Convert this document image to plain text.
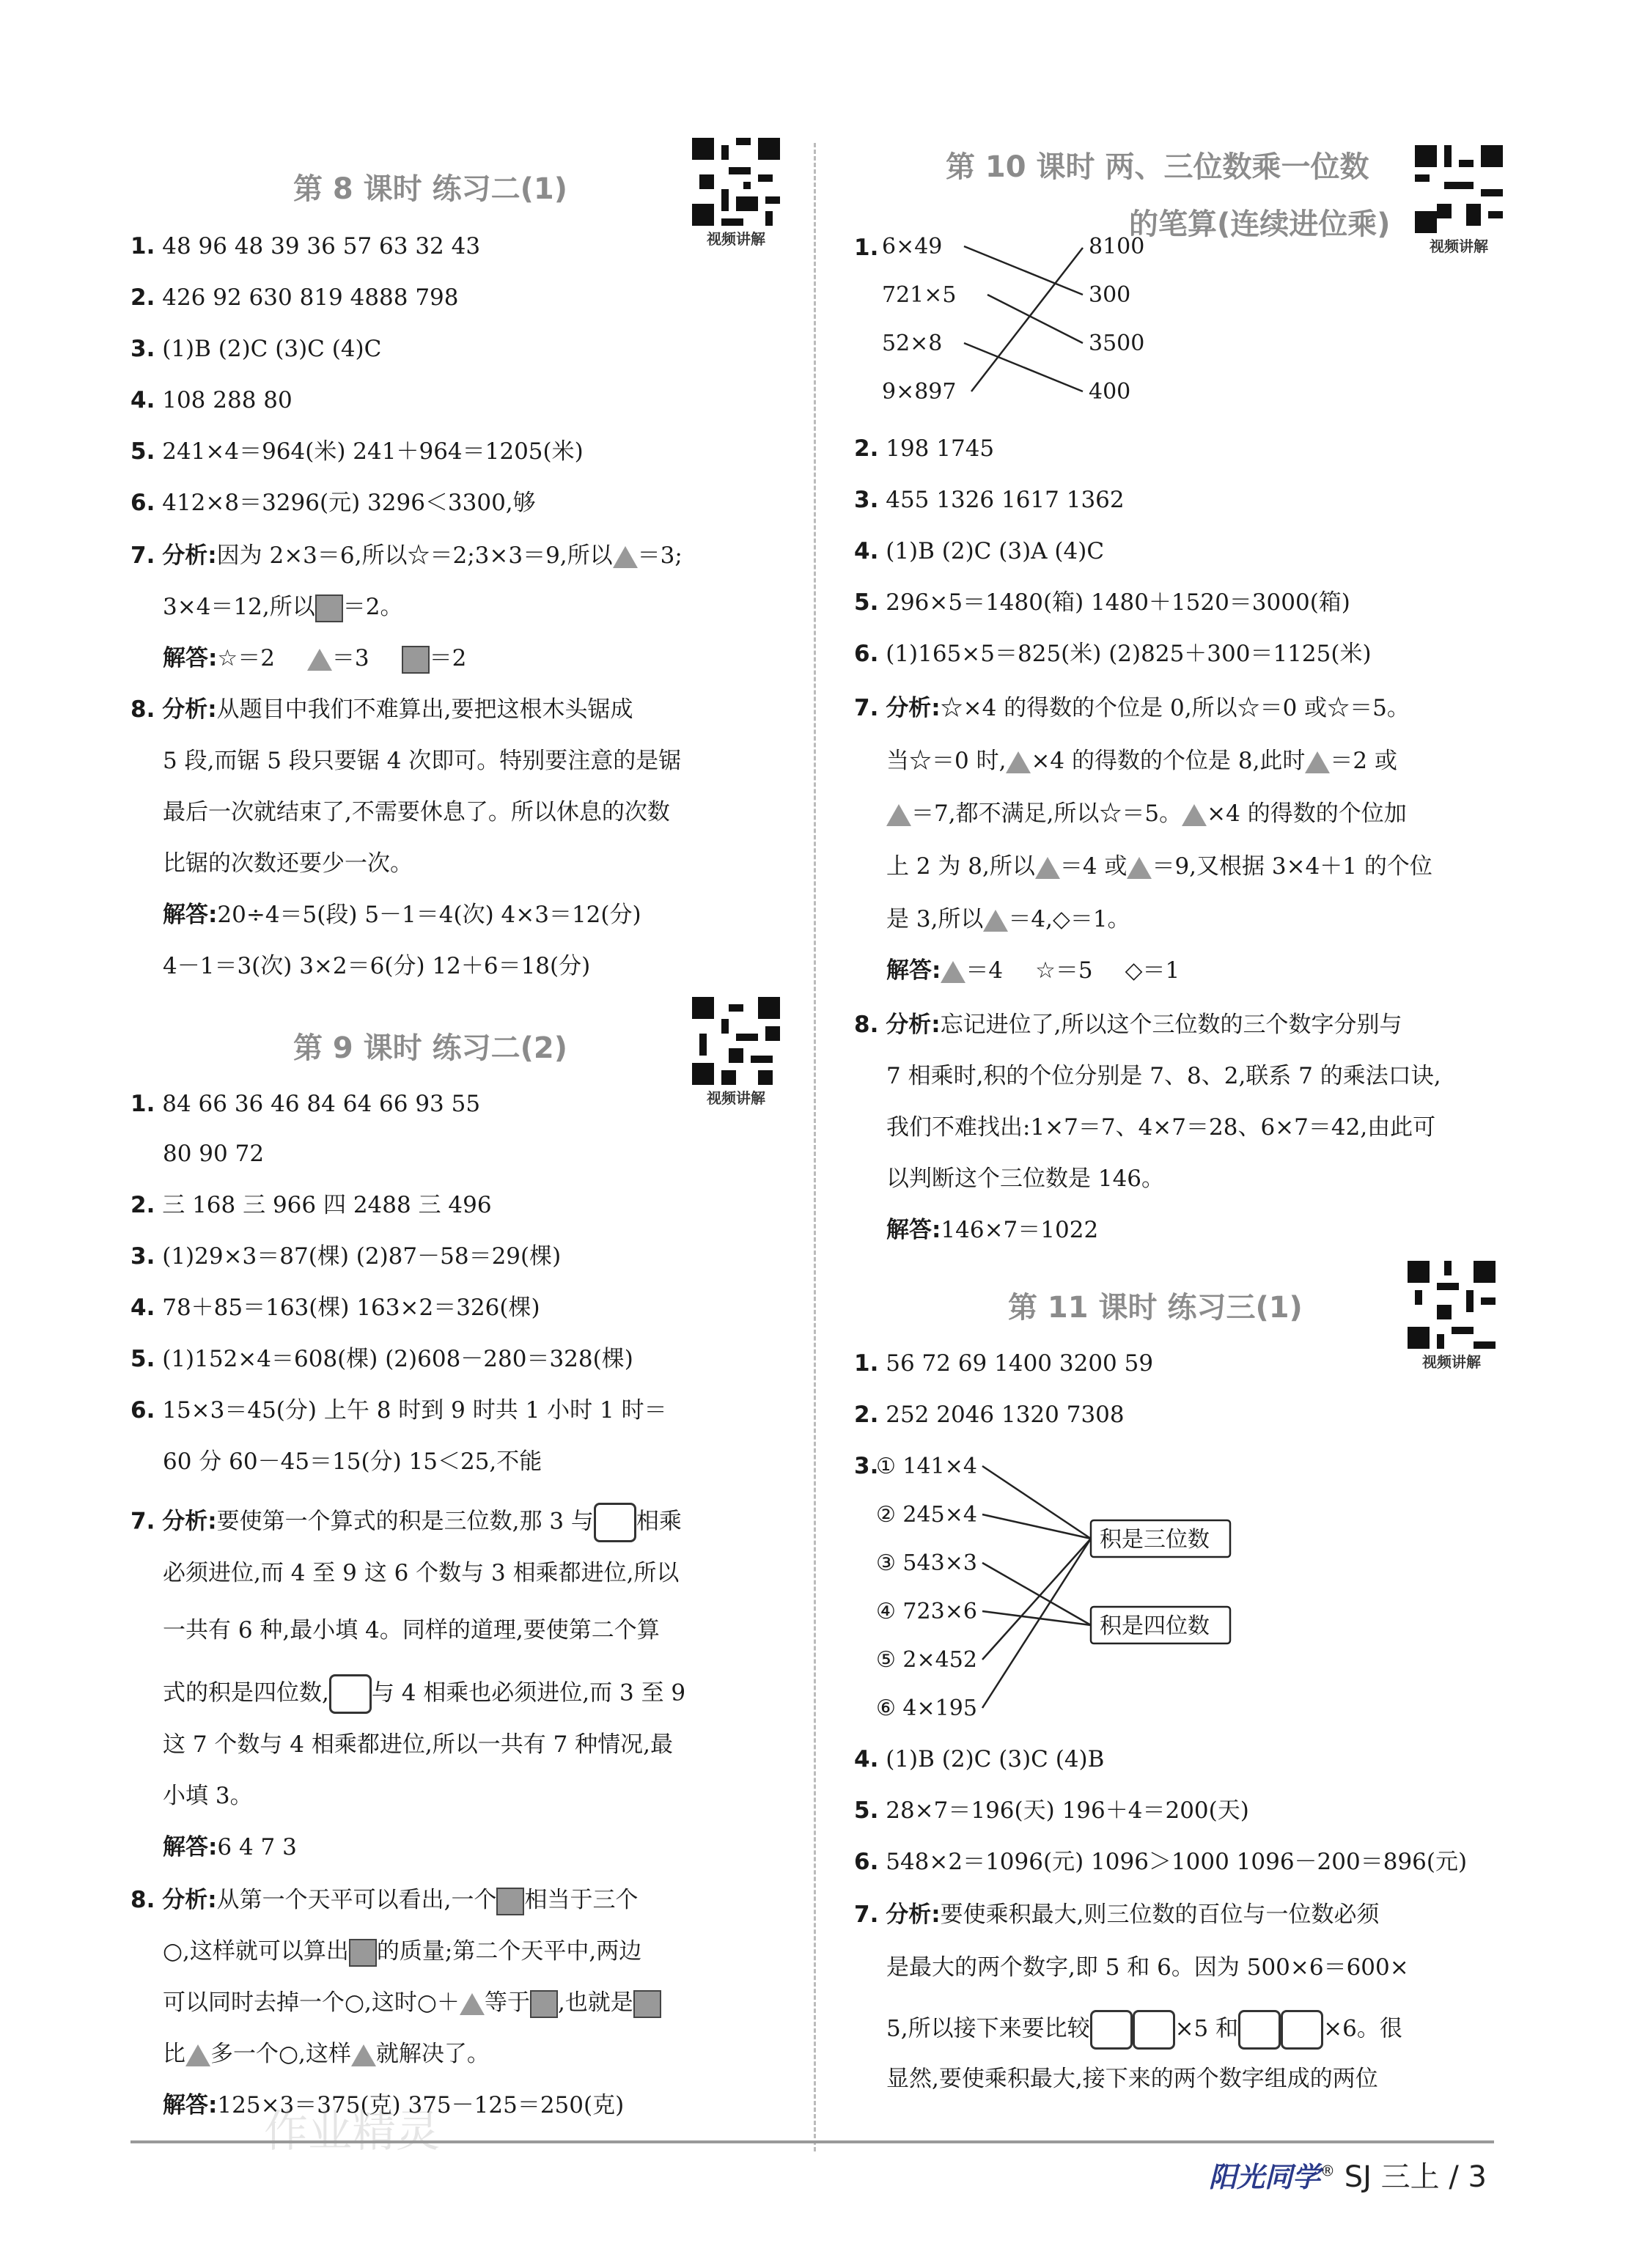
第 8 课时 练习二(1)
视频讲解
1. 48 96 48 39 36 57 63 32 43
2. 426 92 630 819 4888 798
3. (1)B (2)C (3)C (4)C
4. 108 288 80
5. 241×4＝964(米) 241＋964＝1205(米)
6. 412×8＝3296(元) 3296＜3300,够
7. 分析:因为 2×3＝6,所以☆＝2;3×3＝9,所以 ＝3;
3×4＝12,所以 ＝2。
解答:☆＝2	＝3	＝2
8. 分析:从题目中我们不难算出,要把这根木头锯成
5 段,而锯 5 段只要锯 4 次即可。特别要注意的是锯
最后一次就结束了,不需要休息了。所以休息的次数
比锯的次数还要少一次。
解答:20÷4＝5(段) 5－1＝4(次) 4×3＝12(分)
4－1＝3(次) 3×2＝6(分) 12＋6＝18(分)
第 9 课时 练习二(2)
视频讲解
1. 84 66 36 46 84 64 66 93 55
80 90 72
2. 三 168 三 966 四 2488 三 496
3. (1)29×3＝87(棵) (2)87－58＝29(棵)
4. 78＋85＝163(棵) 163×2＝326(棵)
5. (1)152×4＝608(棵) (2)608－280＝328(棵)
6. 15×3＝45(分) 上午 8 时到 9 时共 1 小时 1 时＝
60 分 60－45＝15(分) 15＜25,不能
7. 分析:要使第一个算式的积是三位数,那 3 与 相乘
必须进位,而 4 至 9 这 6 个数与 3 相乘都进位,所以
一共有 6 种,最小填 4。同样的道理,要使第二个算
式的积是四位数, 与 4 相乘也必须进位,而 3 至 9
这 7 个数与 4 相乘都进位,所以一共有 7 种情况,最
小填 3。
解答:6 4 7 3
8. 分析:从第一个天平可以看出,一个 相当于三个
○,这样就可以算出 的质量;第二个天平中,两边
可以同时去掉一个○,这时○＋ 等于 ,也就是
比 多一个○,这样 就解决了。
解答:125×3＝375(克) 375－125＝250(克)
第 10 课时 两、三位数乘一位数
的笔算(连续进位乘)
视频讲解
1. 6×49
721×5
52×8
9×897
8100
300
3500
400
2. 198 1745
3. 455 1326 1617 1362
4. (1)B (2)C (3)A (4)C
5. 296×5＝1480(箱) 1480＋1520＝3000(箱)
6. (1)165×5＝825(米) (2)825＋300＝1125(米)
7. 分析:☆×4 的得数的个位是 0,所以☆＝0 或☆＝5。
当☆＝0 时, ×4 的得数的个位是 8,此时 ＝2 或
＝7,都不满足,所以☆＝5。 ×4 的得数的个位加
上 2 为 8,所以 ＝4 或 ＝9,又根据 3×4＋1 的个位
是 3,所以 ＝4,◇＝1。
解答: ＝4 ☆＝5 ◇＝1
8. 分析:忘记进位了,所以这个三位数的三个数字分别与
7 相乘时,积的个位分别是 7、8、2,联系 7 的乘法口诀,
我们不难找出:1×7＝7、4×7＝28、6×7＝42,由此可
以判断这个三位数是 146。
解答:146×7＝1022
第 11 课时 练习三(1)
视频讲解
1. 56 72 69 1400 3200 59
2. 252 2046 1320 7308
3.
① 141×4
② 245×4
③ 543×3
④ 723×6
⑤ 2×452
⑥ 4×195
积是三位数
积是四位数
4. (1)B (2)C (3)C (4)B
5. 28×7＝196(天) 196＋4＝200(天)
6. 548×2＝1096(元) 1096＞1000 1096－200＝896(元)
7. 分析:要使乘积最大,则三位数的百位与一位数必须
是最大的两个数字,即 5 和 6。因为 500×6＝600×
5,所以接下来要比较	×5 和	×6。很
显然,要使乘积最大,接下来的两个数字组成的两位
作业精灵
阳光同学® SJ 三上 / 3
